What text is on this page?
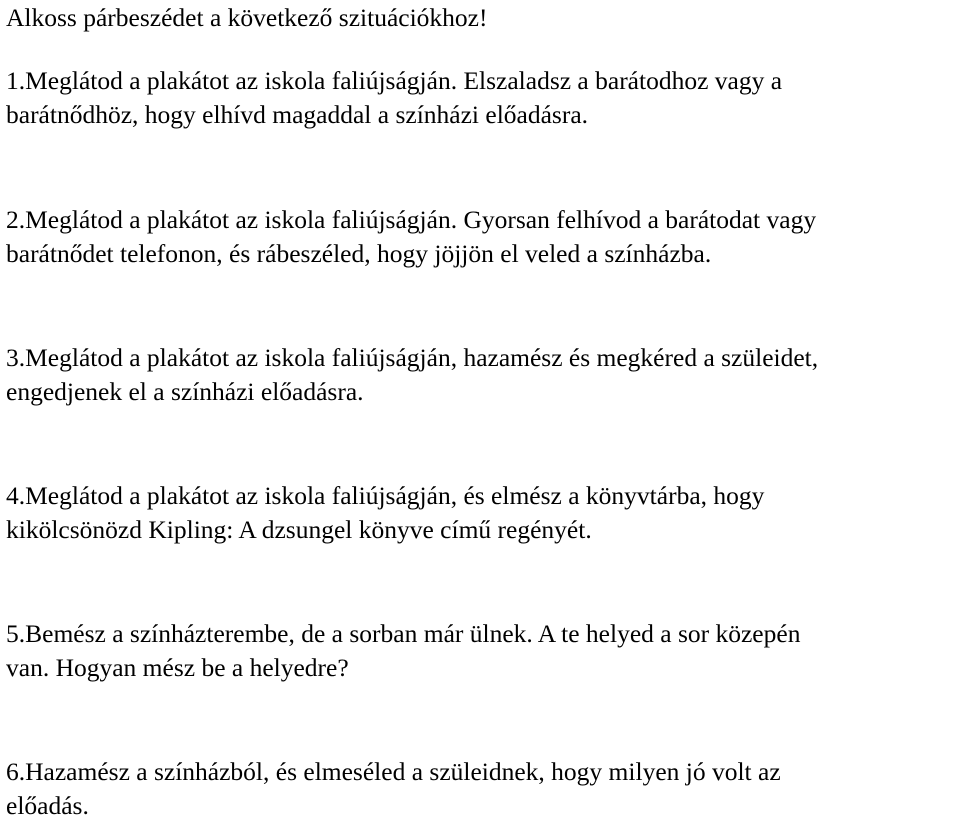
Alkoss párbeszédet a következő szituációkhoz!
1.Meglátod a plakátot az iskola faliújságján. Elszaladsz a barátodhoz vagy a
barátnődhöz, hogy elhívd magaddal a színházi előadásra.
2.Meglátod a plakátot az iskola faliújságján. Gyorsan felhívod a barátodat vagy
barátnődet telefonon, és rábeszéled, hogy jöjjön el veled a színházba.
3.Meglátod a plakátot az iskola faliújságján, hazamész és megkéred a szüleidet,
engedjenek el a színházi előadásra.
4.Meglátod a plakátot az iskola faliújságján, és elmész a könyvtárba, hogy
kikölcsönözd Kipling: A dzsungel könyve című regényét.
5.Bemész a színházterembe, de a sorban már ülnek. A te helyed a sor közepén
van. Hogyan mész be a helyedre?
6.Hazamész a színházból, és elmeséled a szüleidnek, hogy milyen jó volt az
előadás.
